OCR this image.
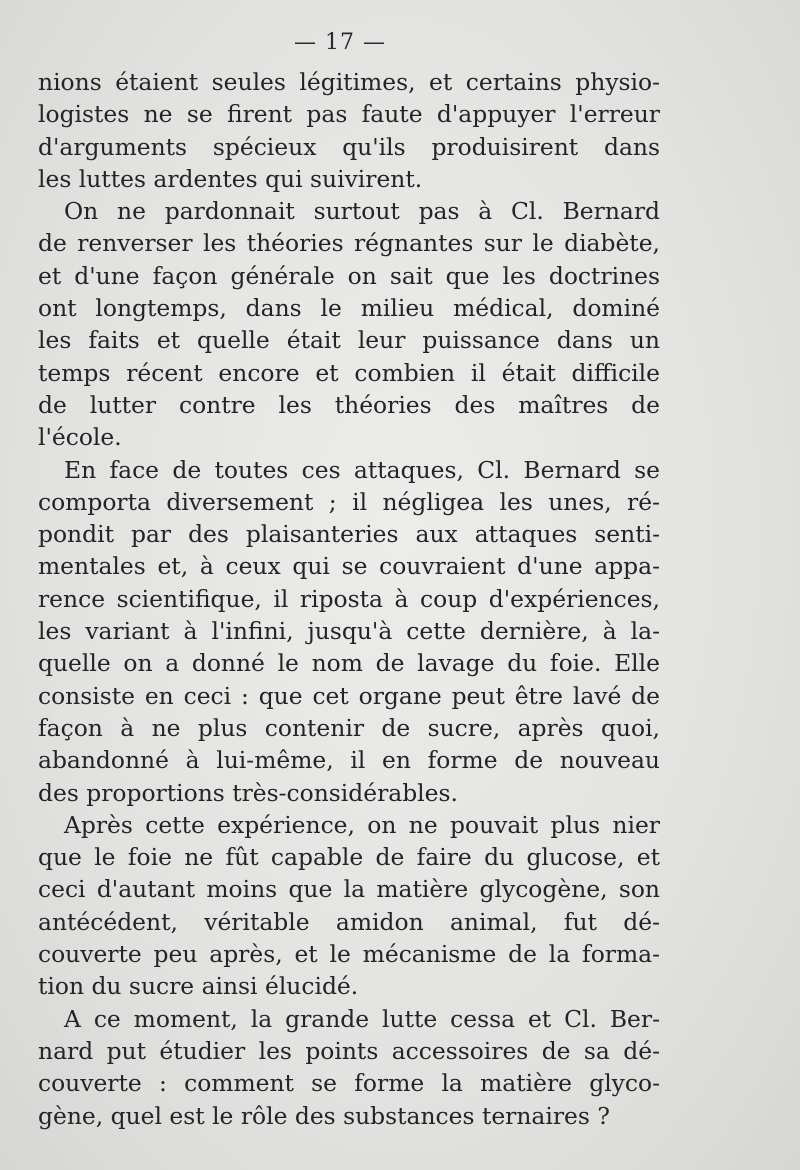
— 17 —
nions étaient seules légitimes, et certains physio-
logistes ne se firent pas faute d'appuyer l'erreur
d'arguments spécieux qu'ils produisirent dans
les luttes ardentes qui suivirent.
On ne pardonnait surtout pas à Cl. Bernard
de renverser les théories régnantes sur le diabète,
et d'une façon générale on sait que les doctrines
ont longtemps, dans le milieu médical, dominé
les faits et quelle était leur puissance dans un
temps récent encore et combien il était difficile
de lutter contre les théories des maîtres de
l'école.
En face de toutes ces attaques, Cl. Bernard se
comporta diversement ; il négligea les unes, ré-
pondit par des plaisanteries aux attaques senti-
mentales et, à ceux qui se couvraient d'une appa-
rence scientifique, il riposta à coup d'expériences,
les variant à l'infini, jusqu'à cette dernière, à la-
quelle on a donné le nom de lavage du foie. Elle
consiste en ceci : que cet organe peut être lavé de
façon à ne plus contenir de sucre, après quoi,
abandonné à lui-même, il en forme de nouveau
des proportions très-considérables.
Après cette expérience, on ne pouvait plus nier
que le foie ne fût capable de faire du glucose, et
ceci d'autant moins que la matière glycogène, son
antécédent, véritable amidon animal, fut dé-
couverte peu après, et le mécanisme de la forma-
tion du sucre ainsi élucidé.
A ce moment, la grande lutte cessa et Cl. Ber-
nard put étudier les points accessoires de sa dé-
couverte : comment se forme la matière glyco-
gène, quel est le rôle des substances ternaires ?
